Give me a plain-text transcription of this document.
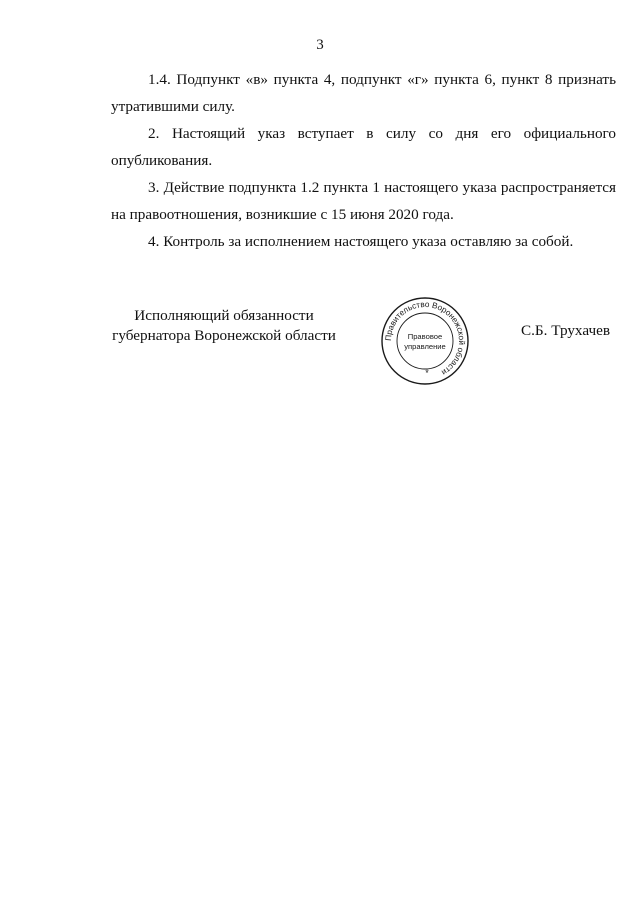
3

1.4. Подпункт «в» пункта 4, подпункт «г» пункта 6, пункт 8 признать утратившими силу.

2. Настоящий указ вступает в силу со дня его официального опубликования.

3. Действие подпункта 1.2 пункта 1 настоящего указа распространяется на правоотношения, возникшие с 15 июня 2020 года.

4. Контроль за исполнением настоящего указа оставляю за собой.

Исполняющий обязанности
губернатора Воронежской области	Правительство Воронежской области
Правовое
управление
*
С.Б. Трухачев
